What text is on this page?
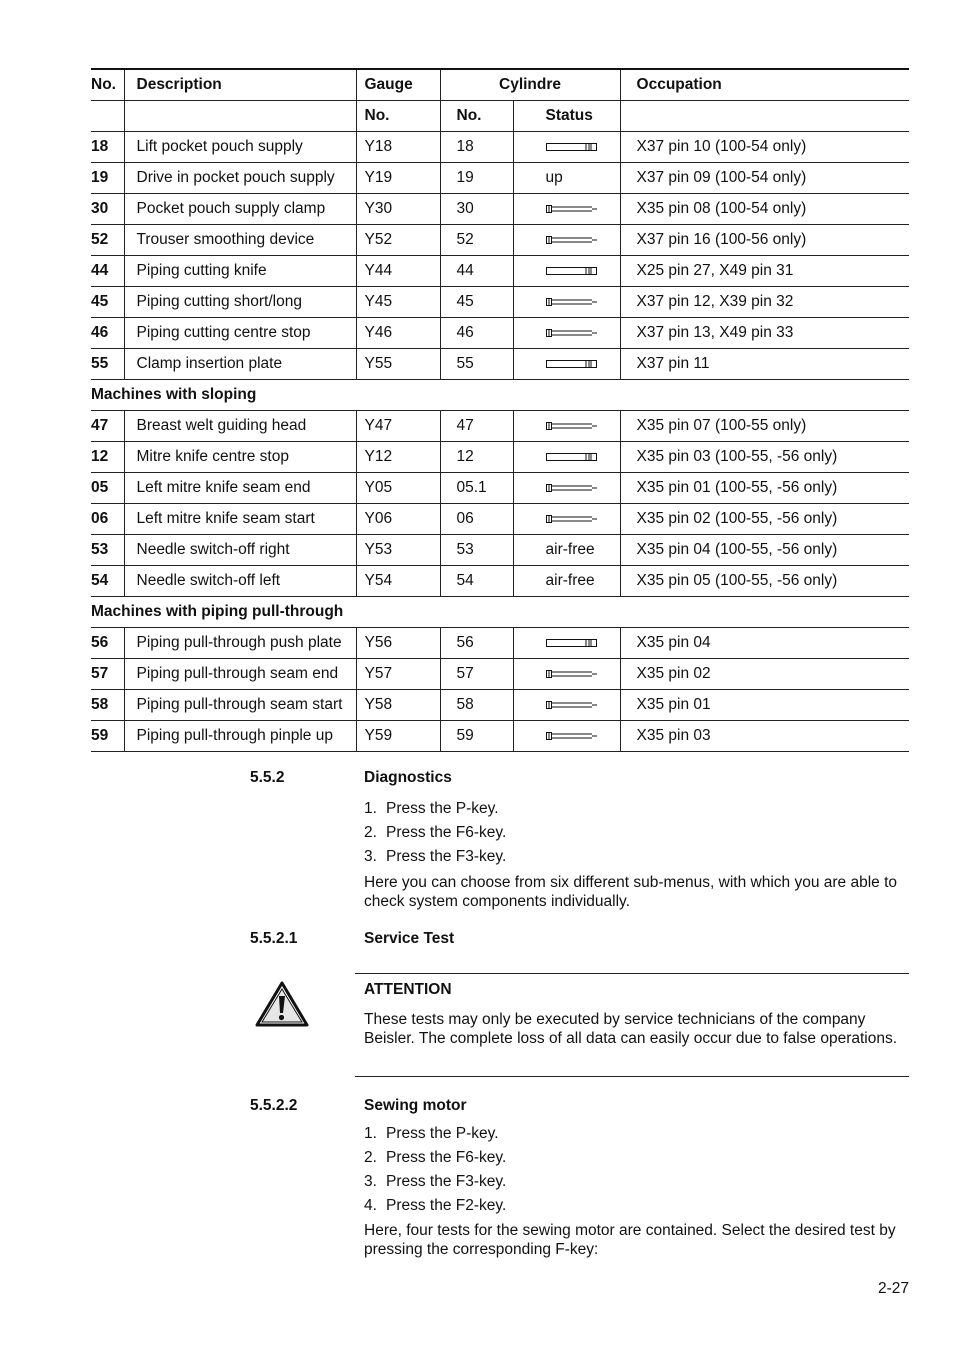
No.	Description	Gauge	Cylindre		Occupation
		No.	No.	Status	
18	Lift pocket pouch supply	Y18	18		X37 pin 10 (100-54 only)
19	Drive in pocket pouch supply	Y19	19	up	X37 pin 09 (100-54 only)
30	Pocket pouch supply clamp	Y30	30		X35 pin 08 (100-54 only)
52	Trouser smoothing device	Y52	52		X37 pin 16 (100-56 only)
44	Piping cutting knife	Y44	44		X25 pin 27, X49 pin 31
45	Piping cutting short/long	Y45	45		X37 pin 12, X39 pin 32
46	Piping cutting centre stop	Y46	46		X37 pin 13, X49 pin 33
55	Clamp insertion plate	Y55	55		X37 pin 11
Machines with sloping					
47	Breast welt guiding head	Y47	47		X35 pin 07 (100-55 only)
12	Mitre knife centre stop	Y12	12		X35 pin 03 (100-55, -56 only)
05	Left mitre knife seam end	Y05	05.1		X35 pin 01 (100-55, -56 only)
06	Left mitre knife seam start	Y06	06		X35 pin 02 (100-55, -56 only)
53	Needle switch-off right	Y53	53	air-free	X35 pin 04 (100-55, -56 only)
54	Needle switch-off left	Y54	54	air-free	X35 pin 05 (100-55, -56 only)
Machines with piping pull-through					
56	Piping pull-through push plate	Y56	56		X35 pin 04
57	Piping pull-through seam end	Y57	57		X35 pin 02
58	Piping pull-through seam start	Y58	58		X35 pin 01
59	Piping pull-through pinple up	Y59	59		X35 pin 03
5.5.2	Diagnostics
1. Press the P-key.
2. Press the F6-key.
3. Press the F3-key.
Here you can choose from six different sub-menus, with which you are able to check system components individually.
5.5.2.1	Service Test
ATTENTION
These tests may only be executed by service technicians of the company Beisler. The complete loss of all data can easily occur due to false operations.
5.5.2.2	Sewing motor
1. Press the P-key.
2. Press the F6-key.
3. Press the F3-key.
4. Press the F2-key.
Here, four tests for the sewing motor are contained. Select the desired test by pressing the corresponding F-key:
2-27
